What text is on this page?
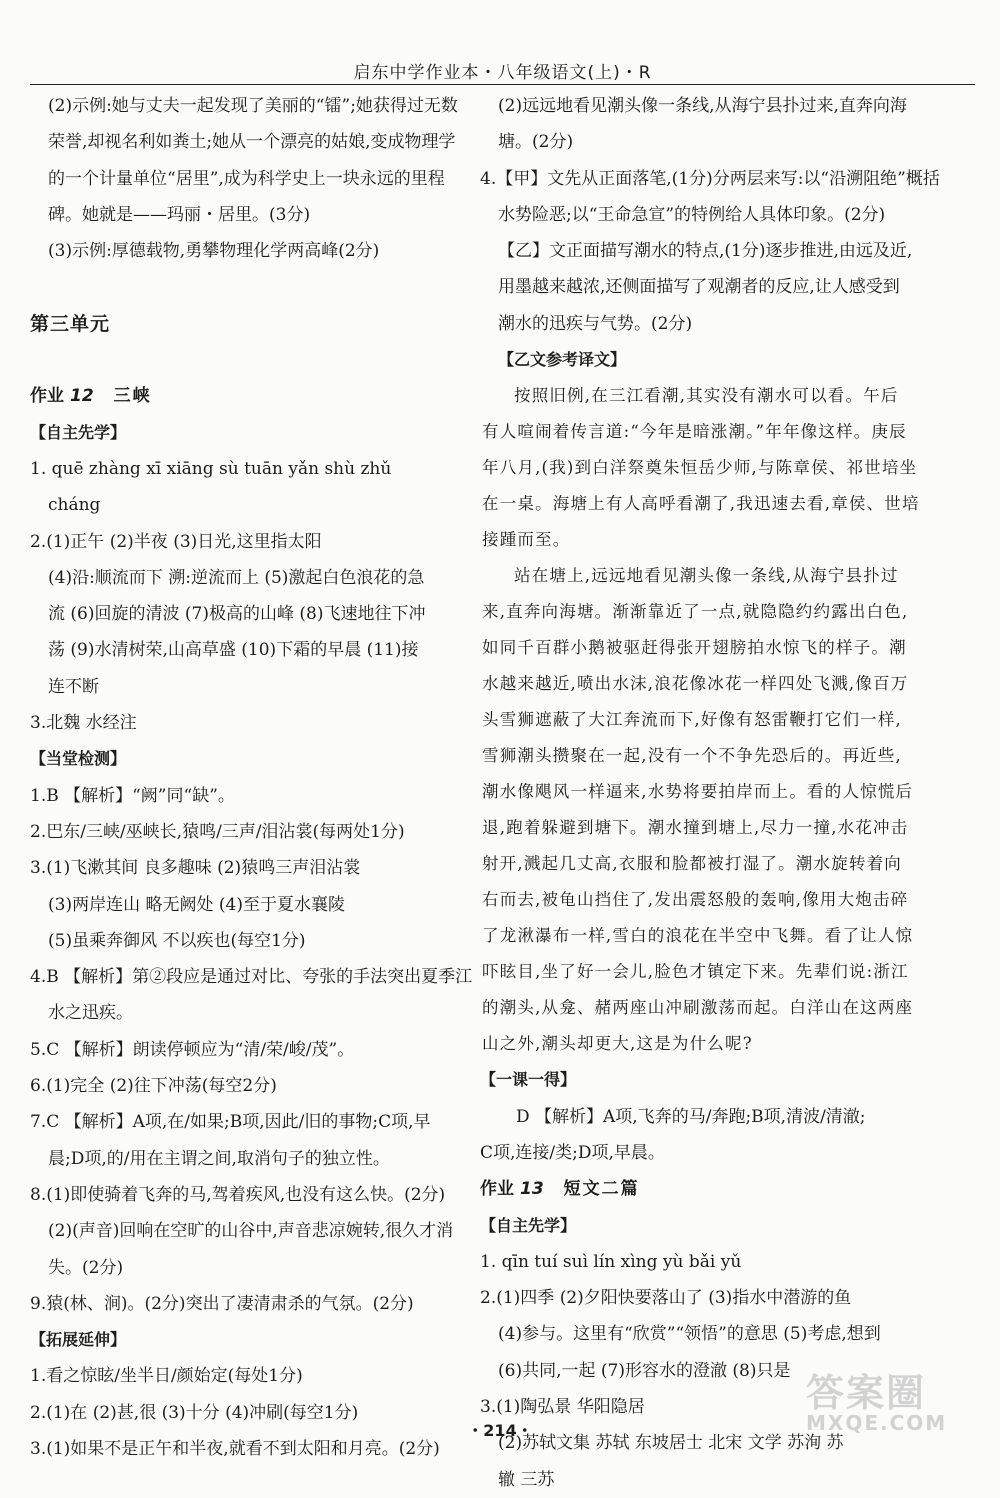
启东中学作业本・八年级语文(上)・R
(2)示例:她与丈夫一起发现了美丽的“镭”;她获得过无数
荣誉,却视名利如粪土;她从一个漂亮的姑娘,变成物理学
的一个计量单位“居里”,成为科学史上一块永远的里程
碑。她就是——玛丽・居里。(3分)
(3)示例:厚德载物,勇攀物理化学两高峰(2分)
第三单元
作业 12 三峡
【自主先学】
1. quē zhàng xī xiāng sù tuān yǎn shù zhǔ
cháng
2.(1)正午 (2)半夜 (3)日光,这里指太阳
(4)沿:顺流而下 溯:逆流而上 (5)激起白色浪花的急
流 (6)回旋的清波 (7)极高的山峰 (8)飞速地往下冲
荡 (9)水清树荣,山高草盛 (10)下霜的早晨 (11)接
连不断
3.北魏 水经注
【当堂检测】
1.B 【解析】“阙”同“缺”。
2.巴东/三峡/巫峡长,猿鸣/三声/泪沾裳(每两处1分)
3.(1)飞漱其间 良多趣味 (2)猿鸣三声泪沾裳
(3)两岸连山 略无阙处 (4)至于夏水襄陵
(5)虽乘奔御风 不以疾也(每空1分)
4.B 【解析】第②段应是通过对比、夸张的手法突出夏季江
水之迅疾。
5.C 【解析】朗读停顿应为“清/荣/峻/茂”。
6.(1)完全 (2)往下冲荡(每空2分)
7.C 【解析】A项,在/如果;B项,因此/旧的事物;C项,早
晨;D项,的/用在主谓之间,取消句子的独立性。
8.(1)即使骑着飞奔的马,驾着疾风,也没有这么快。(2分)
(2)(声音)回响在空旷的山谷中,声音悲凉婉转,很久才消
失。(2分)
9.猿(林、涧)。(2分)突出了凄清肃杀的气氛。(2分)
【拓展延伸】
1.看之惊眩/坐半日/颜始定(每处1分)
2.(1)在 (2)甚,很 (3)十分 (4)冲刷(每空1分)
3.(1)如果不是正午和半夜,就看不到太阳和月亮。(2分)
(2)远远地看见潮头像一条线,从海宁县扑过来,直奔向海
塘。(2分)
4.【甲】文先从正面落笔,(1分)分两层来写:以“沿溯阻绝”概括
水势险恶;以“王命急宣”的特例给人具体印象。(2分)
【乙】文正面描写潮水的特点,(1分)逐步推进,由远及近,
用墨越来越浓,还侧面描写了观潮者的反应,让人感受到
潮水的迅疾与气势。(2分)
【乙文参考译文】
按照旧例,在三江看潮,其实没有潮水可以看。午后
有人喧闹着传言道:“今年是暗涨潮。”年年像这样。庚辰
年八月,(我)到白洋祭奠朱恒岳少师,与陈章侯、祁世培坐
在一桌。海塘上有人高呼看潮了,我迅速去看,章侯、世培
接踵而至。
站在塘上,远远地看见潮头像一条线,从海宁县扑过
来,直奔向海塘。渐渐靠近了一点,就隐隐约约露出白色,
如同千百群小鹅被驱赶得张开翅膀拍水惊飞的样子。潮
水越来越近,喷出水沫,浪花像冰花一样四处飞溅,像百万
头雪狮遮蔽了大江奔流而下,好像有怒雷鞭打它们一样,
雪狮潮头攒聚在一起,没有一个不争先恐后的。再近些,
潮水像飓风一样逼来,水势将要拍岸而上。看的人惊慌后
退,跑着躲避到塘下。潮水撞到塘上,尽力一撞,水花冲击
射开,溅起几丈高,衣服和脸都被打湿了。潮水旋转着向
右而去,被龟山挡住了,发出震怒般的轰响,像用大炮击碎
了龙湫瀑布一样,雪白的浪花在半空中飞舞。看了让人惊
吓眩目,坐了好一会儿,脸色才镇定下来。先辈们说:浙江
的潮头,从龛、赭两座山冲刷激荡而起。白洋山在这两座
山之外,潮头却更大,这是为什么呢?
【一课一得】
D 【解析】A项,飞奔的马/奔跑;B项,清波/清澈;
C项,连接/类;D项,早晨。
作业 13 短文二篇
【自主先学】
1. qīn tuí suì lín xìng yù bǎi yǔ
2.(1)四季 (2)夕阳快要落山了 (3)指水中潜游的鱼
(4)参与。这里有“欣赏”“领悟”的意思 (5)考虑,想到
(6)共同,一起 (7)形容水的澄澈 (8)只是
3.(1)陶弘景 华阳隐居
(2)苏轼文集 苏轼 东坡居士 北宋 文学 苏洵 苏
辙 三苏
・214・
答案圈
MXQE.COM
